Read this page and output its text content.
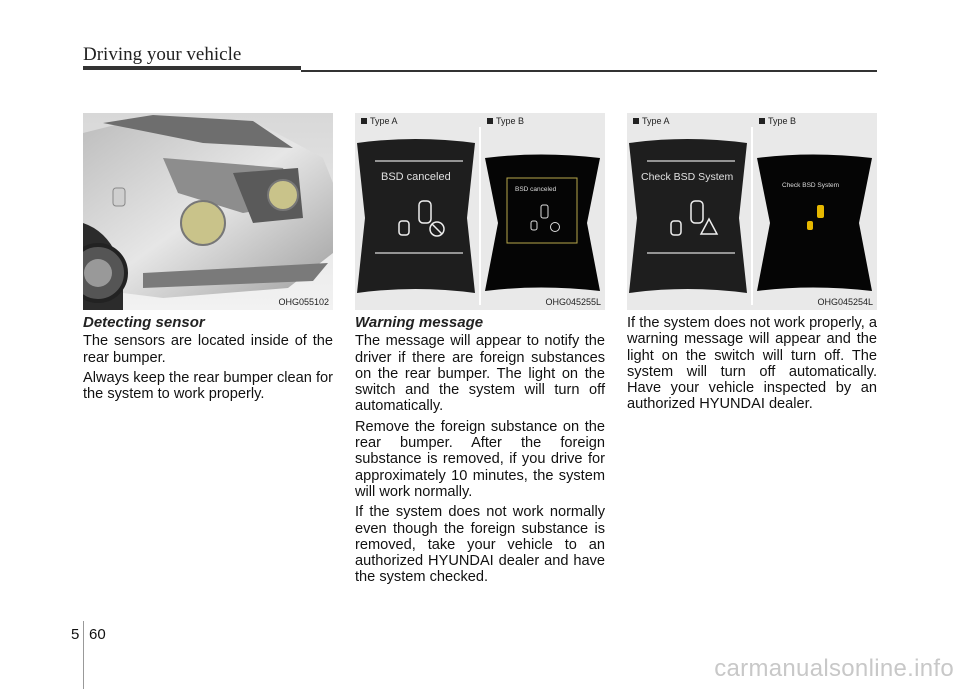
Driving your vehicle
OHG055102
Type A	Type B
BSD canceled
BSD canceled
OHG045255L
Type A	Type B
Check BSD System
Check BSD System
OHG045254L
Detecting sensor

The sensors are located inside of the rear bumper.

Always keep the rear bumper clean for the system to work properly.

Warning message

The message will appear to notify the driver if there are foreign substances on the rear bumper. The light on the switch and the system will turn off automatically.

Remove the foreign substance on the rear bumper. After the foreign substance is removed, if you drive for approximately 10 minutes, the system will work normally.

If the system does not work normally even though the foreign substance is removed, take your vehicle to an authorized HYUNDAI dealer and have the system checked.

If the system does not work properly, a warning message will appear and the light on the switch will turn off. The system will turn off automatically. Have your vehicle inspected by an authorized HYUNDAI dealer.

5 60
carmanualsonline.info
